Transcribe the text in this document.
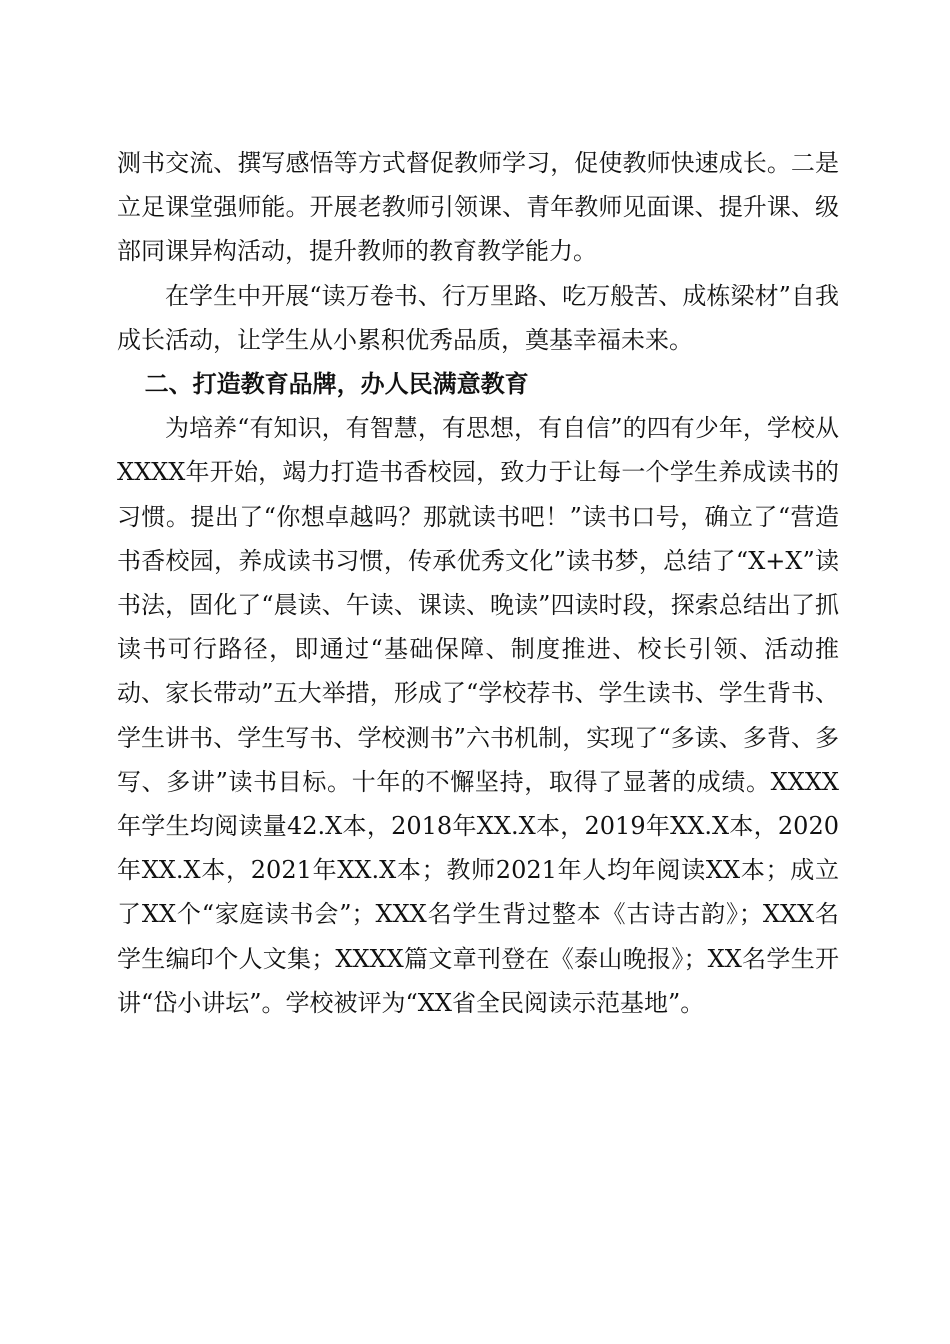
测书交流、撰写感悟等方式督促教师学习，促使教师快速成长。二是立足课堂强师能。开展老教师引领课、青年教师见面课、提升课、级部同课异构活动，提升教师的教育教学能力。

在学生中开展“读万卷书、行万里路、吃万般苦、成栋梁材”自我成长活动，让学生从小累积优秀品质，奠基幸福未来。

二、打造教育品牌，办人民满意教育

为培养“有知识，有智慧，有思想，有自信”的四有少年，学校从XXXX年开始，竭力打造书香校园，致力于让每一个学生养成读书的习惯。提出了“你想卓越吗？那就读书吧！”读书口号，确立了“营造书香校园，养成读书习惯，传承优秀文化”读书梦，总结了“X+X”读书法，固化了“晨读、午读、课读、晚读”四读时段，探索总结出了抓读书可行路径，即通过“基础保障、制度推进、校长引领、活动推动、家长带动”五大举措，形成了“学校荐书、学生读书、学生背书、学生讲书、学生写书、学校测书”六书机制，实现了“多读、多背、多写、多讲”读书目标。十年的不懈坚持，取得了显著的成绩。XXXX年学生均阅读量42.X本，2018年XX.X本，2019年XX.X本，2020年XX.X本，2021年XX.X本；教师2021年人均年阅读XX本；成立了XX个“家庭读书会”；XXX名学生背过整本《古诗古韵》；XXX名学生编印个人文集；XXXX篇文章刊登在《泰山晚报》；XX名学生开讲“岱小讲坛”。学校被评为“XX省全民阅读示范基地”。
